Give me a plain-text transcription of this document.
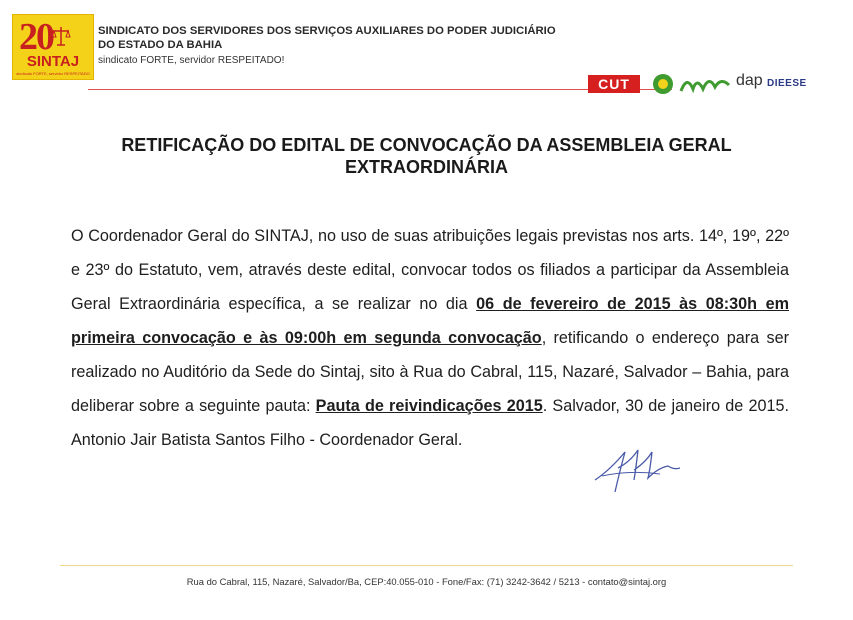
20
SINTAJ
sindicato FORTE, servidor RESPEITADO
SINDICATO DOS SERVIDORES DOS SERVIÇOS AUXILIARES DO PODER JUDICIÁRIO
DO ESTADO DA BAHIA
sindicato FORTE, servidor RESPEITADO!
CUT	dap DIEESE
RETIFICAÇÃO DO EDITAL DE CONVOCAÇÃO DA ASSEMBLEIA GERAL
EXTRAORDINÁRIA
O Coordenador Geral do SINTAJ, no uso de suas atribuições legais previstas nos arts. 14º, 19º, 22º e 23º do Estatuto, vem, através deste edital, convocar todos os filiados a participar da Assembleia Geral Extraordinária específica, a se realizar no dia 06 de fevereiro de 2015 às 08:30h em primeira convocação e às 09:00h em segunda convocação, retificando o endereço para ser realizado no Auditório da Sede do Sintaj, sito à Rua do Cabral, 115, Nazaré, Salvador – Bahia, para deliberar sobre a seguinte pauta: Pauta de reivindicações 2015. Salvador, 30 de janeiro de 2015. Antonio Jair Batista Santos Filho - Coordenador Geral.
Rua do Cabral, 115, Nazaré, Salvador/Ba, CEP:40.055-010 - Fone/Fax: (71) 3242-3642 / 5213 - contato@sintaj.org
